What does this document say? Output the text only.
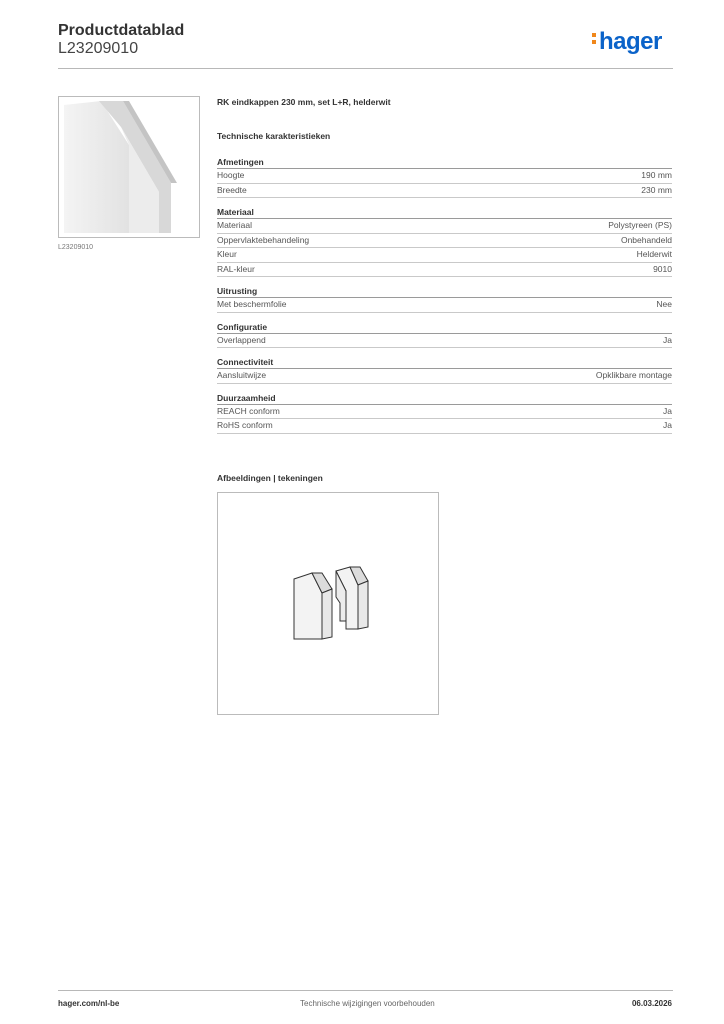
Productdatablad
L23209010	hager
L23209010
RK eindkappen 230 mm, set L+R, helderwit
Technische karakteristieken
Afmetingen
Hoogte	190 mm
Breedte	230 mm
Materiaal
Materiaal	Polystyreen (PS)
Oppervlaktebehandeling	Onbehandeld
Kleur	Helderwit
RAL-kleur	9010
Uitrusting
Met beschermfolie	Nee
Configuratie
Overlappend	Ja
Connectiviteit
Aansluitwijze	Opklikbare montage
Duurzaamheid
REACH conform	Ja
RoHS conform	Ja
Afbeeldingen | tekeningen
hager.com/nl-be	Technische wijzigingen voorbehouden	06.03.2026
